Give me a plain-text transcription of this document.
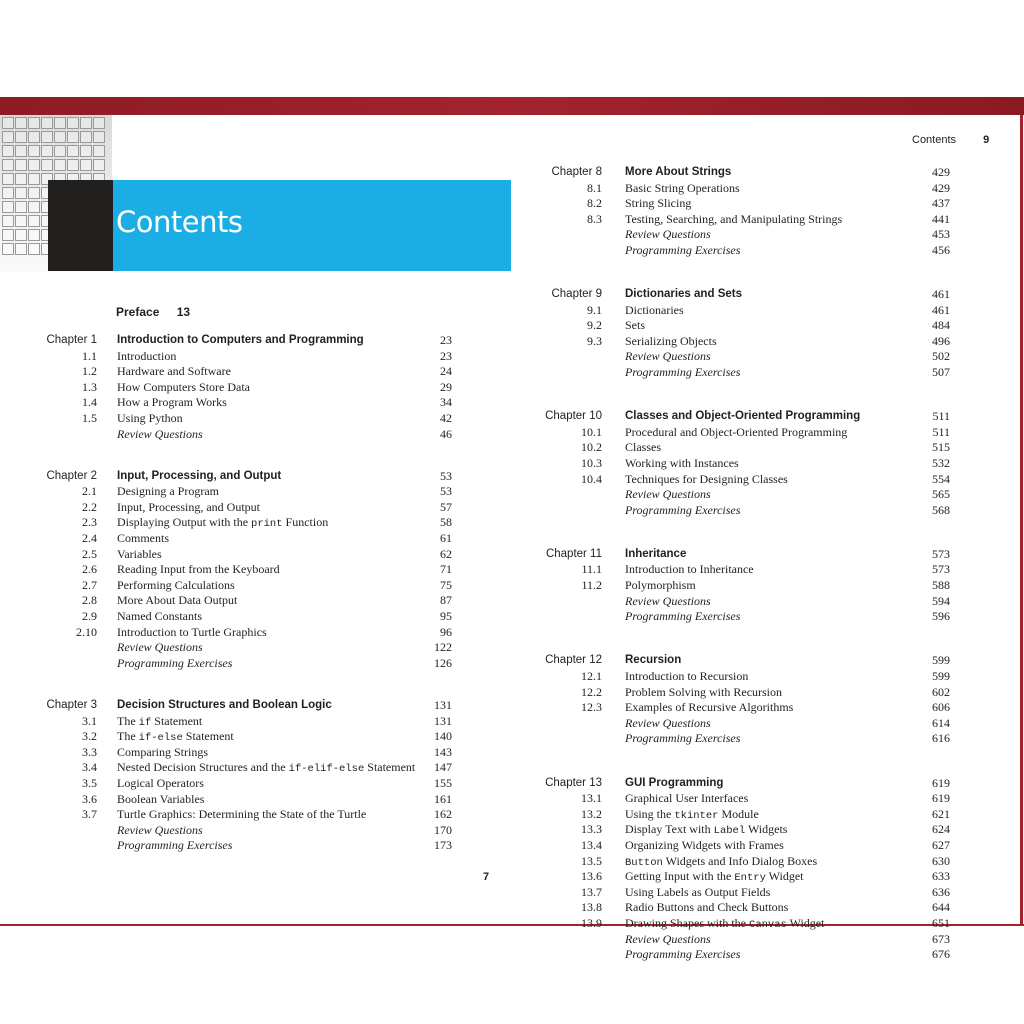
Contents
Contents 9
Preface 13
Chapter 1 Introduction to Computers and Programming	23
1.1 Introduction	23
1.2 Hardware and Software	24
1.3 How Computers Store Data	29
1.4 How a Program Works	34
1.5 Using Python	42
Review Questions	46
Chapter 2 Input, Processing, and Output	53
2.1 Designing a Program	53
2.2 Input, Processing, and Output	57
2.3 Displaying Output with the print Function	58
2.4 Comments	61
2.5 Variables	62
2.6 Reading Input from the Keyboard	71
2.7 Performing Calculations	75
2.8 More About Data Output	87
2.9 Named Constants	95
2.10 Introduction to Turtle Graphics	96
Review Questions	122
Programming Exercises	126
Chapter 3 Decision Structures and Boolean Logic	131
3.1 The if Statement	131
3.2 The if-else Statement	140
3.3 Comparing Strings	143
3.4 Nested Decision Structures and the if-elif-else Statement	147
3.5 Logical Operators	155
3.6 Boolean Variables	161
3.7 Turtle Graphics: Determining the State of the Turtle	162
Review Questions	170
Programming Exercises	173
Chapter 8 More About Strings	429
8.1 Basic String Operations	429
8.2 String Slicing	437
8.3 Testing, Searching, and Manipulating Strings	441
Review Questions	453
Programming Exercises	456
Chapter 9 Dictionaries and Sets	461
9.1 Dictionaries	461
9.2 Sets	484
9.3 Serializing Objects	496
Review Questions	502
Programming Exercises	507
Chapter 10 Classes and Object-Oriented Programming	511
10.1 Procedural and Object-Oriented Programming	511
10.2 Classes	515
10.3 Working with Instances	532
10.4 Techniques for Designing Classes	554
Review Questions	565
Programming Exercises	568
Chapter 11 Inheritance	573
11.1 Introduction to Inheritance	573
11.2 Polymorphism	588
Review Questions	594
Programming Exercises	596
Chapter 12 Recursion	599
12.1 Introduction to Recursion	599
12.2 Problem Solving with Recursion	602
12.3 Examples of Recursive Algorithms	606
Review Questions	614
Programming Exercises	616
Chapter 13 GUI Programming	619
13.1 Graphical User Interfaces	619
13.2 Using the tkinter Module	621
13.3 Display Text with Label Widgets	624
13.4 Organizing Widgets with Frames	627
13.5 Button Widgets and Info Dialog Boxes	630
13.6 Getting Input with the Entry Widget	633
13.7 Using Labels as Output Fields	636
13.8 Radio Buttons and Check Buttons	644
13.9 Drawing Shapes with the Canvas Widget	651
Review Questions	673
Programming Exercises	676
7
